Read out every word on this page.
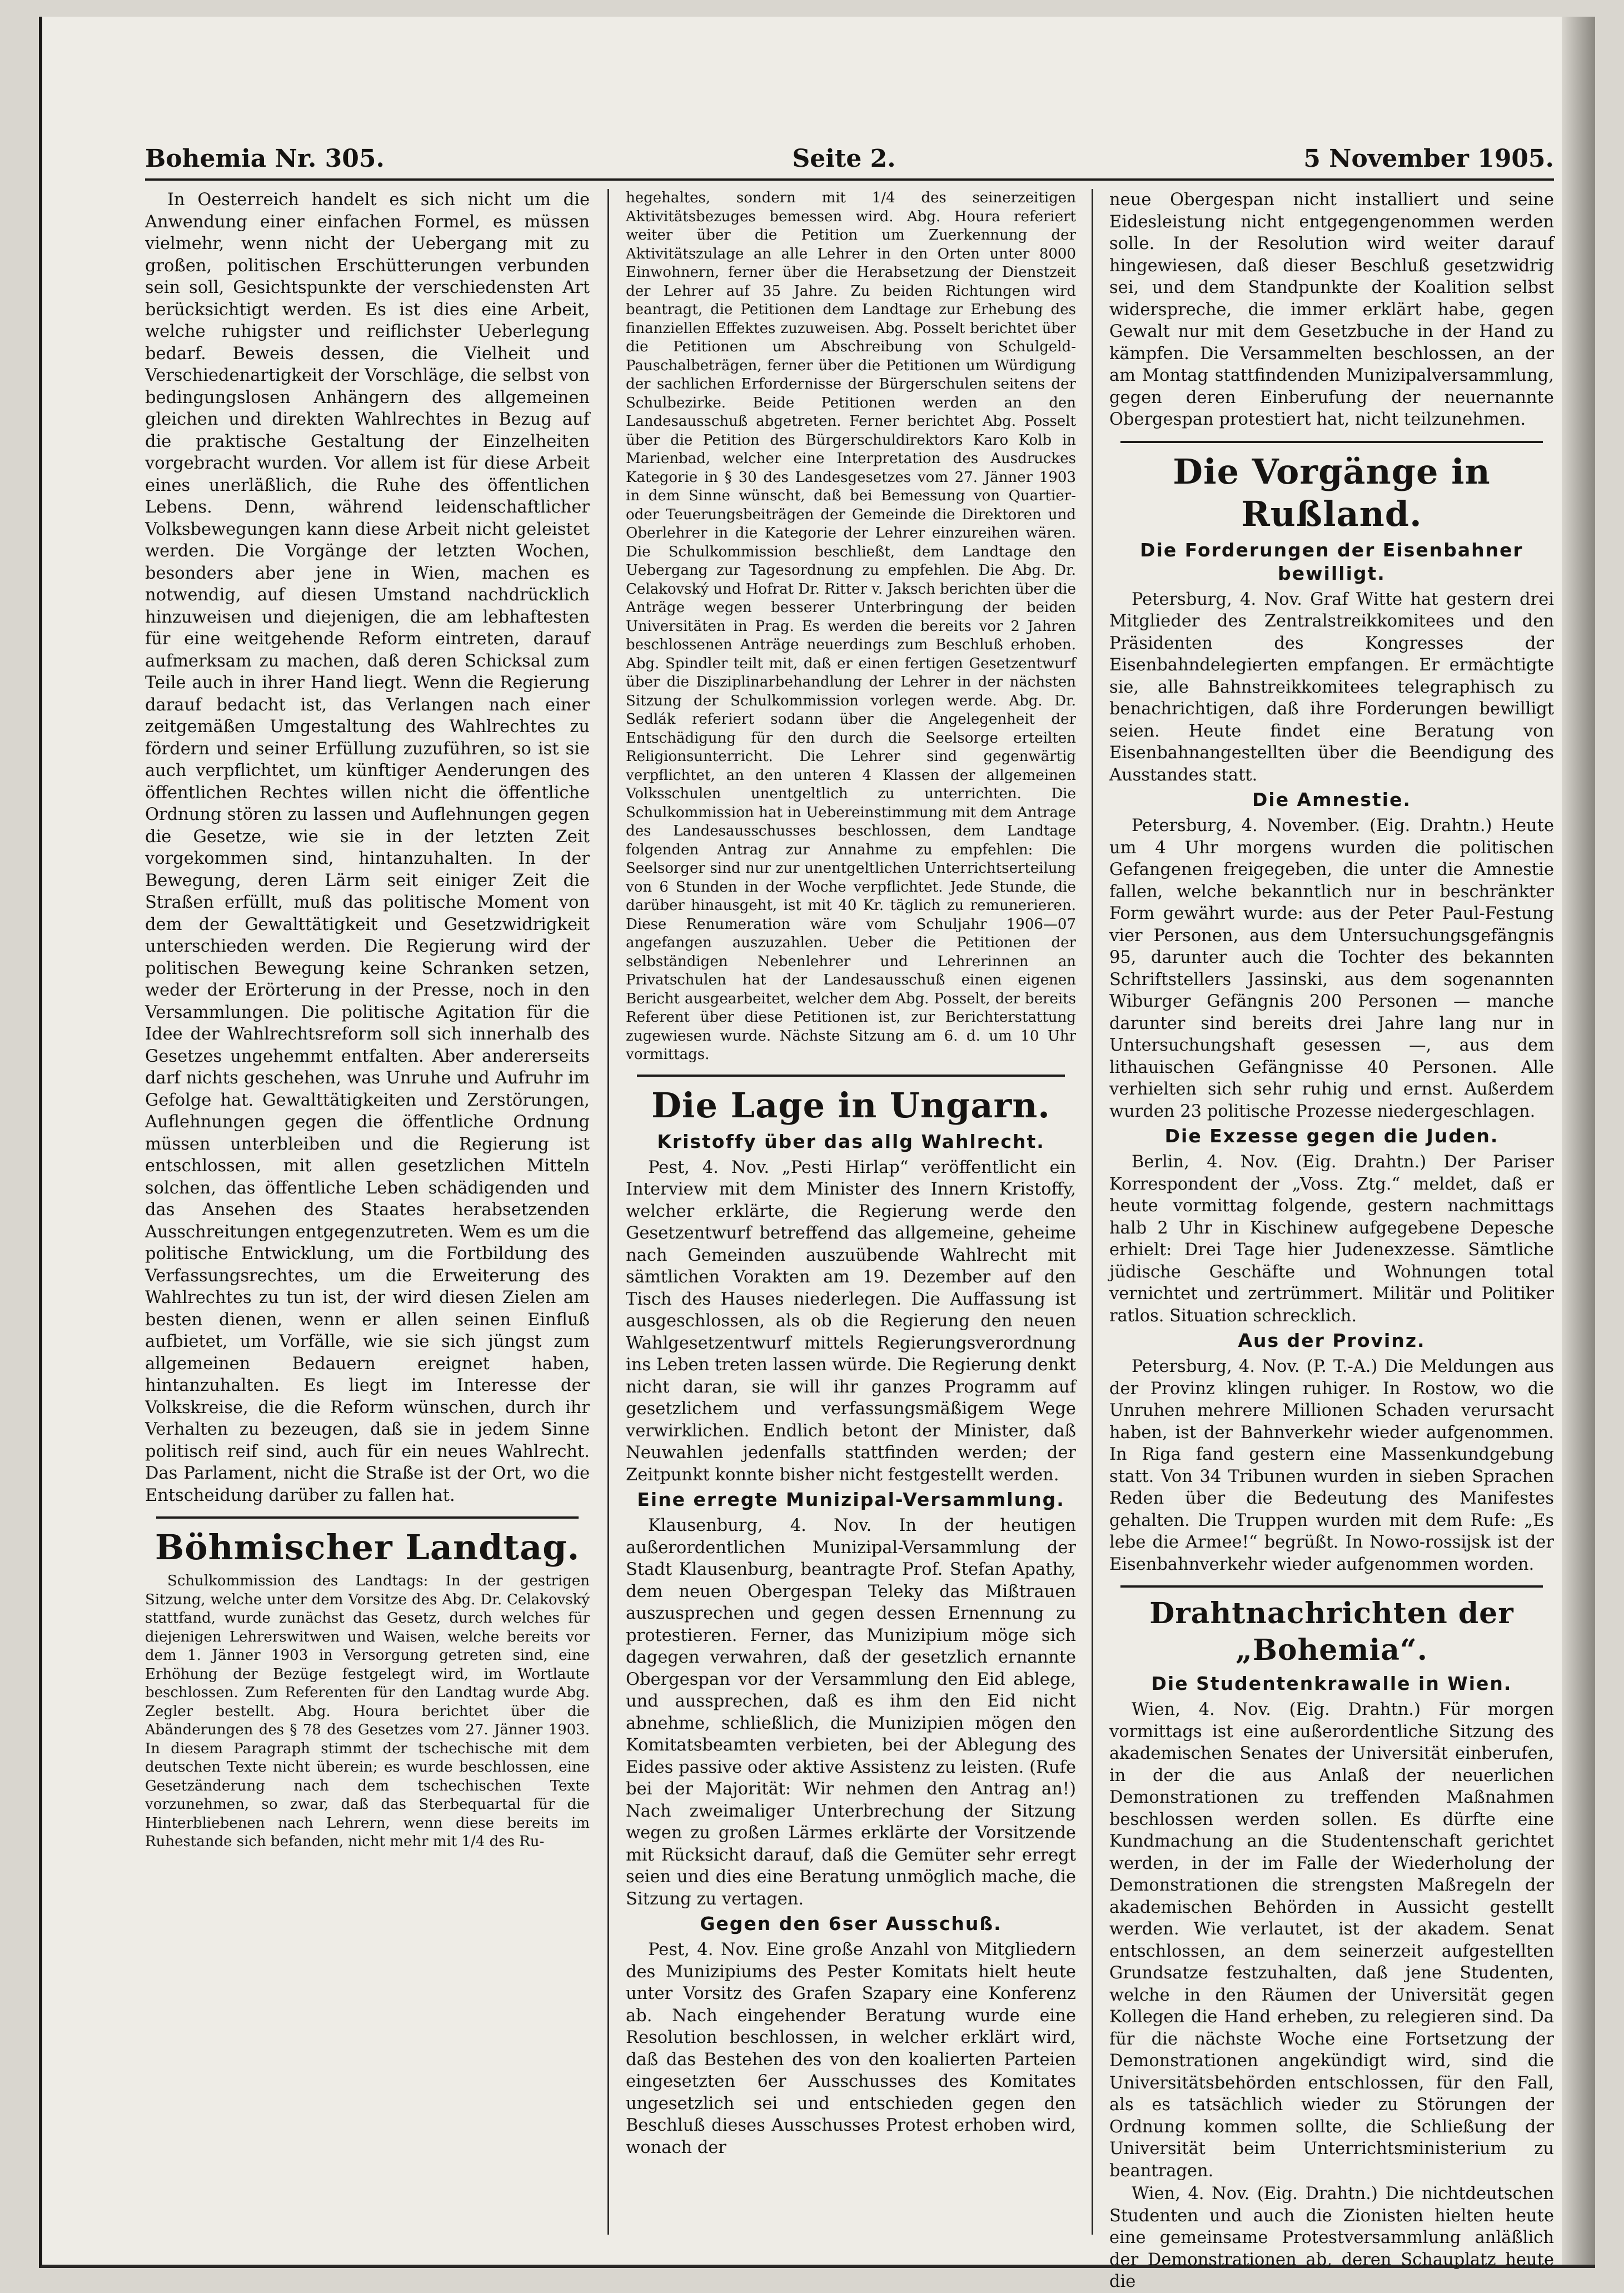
Bohemia Nr. 305.	Seite 2.	5 November 1905.

In Oesterreich handelt es sich nicht um die Anwendung einer einfachen Formel, es müssen vielmehr, wenn nicht der Uebergang mit zu großen, politischen Erschütterungen verbunden sein soll, Gesichtspunkte der verschiedensten Art berücksichtigt werden. Es ist dies eine Arbeit, welche ruhigster und reiflichster Ueberlegung bedarf. Beweis dessen, die Vielheit und Verschiedenartigkeit der Vorschläge, die selbst von bedingungslosen Anhängern des allgemeinen gleichen und direkten Wahlrechtes in Bezug auf die praktische Gestaltung der Einzelheiten vorgebracht wurden. Vor allem ist für diese Arbeit eines unerläßlich, die Ruhe des öffentlichen Lebens. Denn, während leidenschaftlicher Volksbewegungen kann diese Arbeit nicht geleistet werden. Die Vorgänge der letzten Wochen, besonders aber jene in Wien, machen es notwendig, auf diesen Umstand nachdrücklich hinzuweisen und diejenigen, die am lebhaftesten für eine weitgehende Reform eintreten, darauf aufmerksam zu machen, daß deren Schicksal zum Teile auch in ihrer Hand liegt. Wenn die Regierung darauf bedacht ist, das Verlangen nach einer zeitgemäßen Umgestaltung des Wahlrechtes zu fördern und seiner Erfüllung zuzuführen, so ist sie auch verpflichtet, um künftiger Aenderungen des öffentlichen Rechtes willen nicht die öffentliche Ordnung stören zu lassen und Auflehnungen gegen die Gesetze, wie sie in der letzten Zeit vorgekommen sind, hintanzuhalten. In der Bewegung, deren Lärm seit einiger Zeit die Straßen erfüllt, muß das politische Moment von dem der Gewalttätigkeit und Gesetzwidrigkeit unterschieden werden. Die Regierung wird der politischen Bewegung keine Schranken setzen, weder der Erörterung in der Presse, noch in den Versammlungen. Die politische Agitation für die Idee der Wahlrechtsreform soll sich innerhalb des Gesetzes ungehemmt entfalten. Aber andererseits darf nichts geschehen, was Unruhe und Aufruhr im Gefolge hat. Gewalttätigkeiten und Zerstörungen, Auflehnungen gegen die öffentliche Ordnung müssen unterbleiben und die Regierung ist entschlossen, mit allen gesetzlichen Mitteln solchen, das öffentliche Leben schädigenden und das Ansehen des Staates herabsetzenden Ausschreitungen entgegenzutreten. Wem es um die politische Entwicklung, um die Fortbildung des Verfassungsrechtes, um die Erweiterung des Wahlrechtes zu tun ist, der wird diesen Zielen am besten dienen, wenn er allen seinen Einfluß aufbietet, um Vorfälle, wie sie sich jüngst zum allgemeinen Bedauern ereignet haben, hintanzuhalten. Es liegt im Interesse der Volkskreise, die die Reform wünschen, durch ihr Verhalten zu bezeugen, daß sie in jedem Sinne politisch reif sind, auch für ein neues Wahlrecht. Das Parlament, nicht die Straße ist der Ort, wo die Entscheidung darüber zu fallen hat.

Böhmischer Landtag.

Schulkommission des Landtags: In der gestrigen Sitzung, welche unter dem Vorsitze des Abg. Dr. Celakovský stattfand, wurde zunächst das Gesetz, durch welches für diejenigen Lehrerswitwen und Waisen, welche bereits vor dem 1. Jänner 1903 in Versorgung getreten sind, eine Erhöhung der Bezüge festgelegt wird, im Wortlaute beschlossen. Zum Referenten für den Landtag wurde Abg. Zegler bestellt. Abg. Houra berichtet über die Abänderungen des § 78 des Gesetzes vom 27. Jänner 1903. In diesem Paragraph stimmt der tschechische mit dem deutschen Texte nicht überein; es wurde beschlossen, eine Gesetzänderung nach dem tschechischen Texte vorzunehmen, so zwar, daß das Sterbequartal für die Hinterbliebenen nach Lehrern, wenn diese bereits im Ruhestande sich befanden, nicht mehr mit 1/4 des Ru-

hegehaltes, sondern mit 1/4 des seinerzeitigen Aktivitätsbezuges bemessen wird. Abg. Houra referiert weiter über die Petition um Zuerkennung der Aktivitätszulage an alle Lehrer in den Orten unter 8000 Einwohnern, ferner über die Herabsetzung der Dienstzeit der Lehrer auf 35 Jahre. Zu beiden Richtungen wird beantragt, die Petitionen dem Landtage zur Erhebung des finanziellen Effektes zuzuweisen. Abg. Posselt berichtet über die Petitionen um Abschreibung von Schulgeld-Pauschalbeträgen, ferner über die Petitionen um Würdigung der sachlichen Erfordernisse der Bürgerschulen seitens der Schulbezirke. Beide Petitionen werden an den Landesausschuß abgetreten. Ferner berichtet Abg. Posselt über die Petition des Bürgerschuldirektors Karo Kolb in Marienbad, welcher eine Interpretation des Ausdruckes Kategorie in § 30 des Landesgesetzes vom 27. Jänner 1903 in dem Sinne wünscht, daß bei Bemessung von Quartier- oder Teuerungsbeiträgen der Gemeinde die Direktoren und Oberlehrer in die Kategorie der Lehrer einzureihen wären. Die Schulkommission beschließt, dem Landtage den Uebergang zur Tagesordnung zu empfehlen. Die Abg. Dr. Celakovský und Hofrat Dr. Ritter v. Jaksch berichten über die Anträge wegen besserer Unterbringung der beiden Universitäten in Prag. Es werden die bereits vor 2 Jahren beschlossenen Anträge neuerdings zum Beschluß erhoben. Abg. Spindler teilt mit, daß er einen fertigen Gesetzentwurf über die Disziplinarbehandlung der Lehrer in der nächsten Sitzung der Schulkommission vorlegen werde. Abg. Dr. Sedlák referiert sodann über die Angelegenheit der Entschädigung für den durch die Seelsorge erteilten Religionsunterricht. Die Lehrer sind gegenwärtig verpflichtet, an den unteren 4 Klassen der allgemeinen Volksschulen unentgeltlich zu unterrichten. Die Schulkommission hat in Uebereinstimmung mit dem Antrage des Landesausschusses beschlossen, dem Landtage folgenden Antrag zur Annahme zu empfehlen: Die Seelsorger sind nur zur unentgeltlichen Unterrichtserteilung von 6 Stunden in der Woche verpflichtet. Jede Stunde, die darüber hinausgeht, ist mit 40 Kr. täglich zu remunerieren. Diese Renumeration wäre vom Schuljahr 1906—07 angefangen auszuzahlen. Ueber die Petitionen der selbständigen Nebenlehrer und Lehrerinnen an Privatschulen hat der Landesausschuß einen eigenen Bericht ausgearbeitet, welcher dem Abg. Posselt, der bereits Referent über diese Petitionen ist, zur Berichterstattung zugewiesen wurde. Nächste Sitzung am 6. d. um 10 Uhr vormittags.

Die Lage in Ungarn.
Kristoffy über das allg Wahlrecht.

Pest, 4. Nov. „Pesti Hirlap“ veröffentlicht ein Interview mit dem Minister des Innern Kristoffy, welcher erklärte, die Regierung werde den Gesetzentwurf betreffend das allgemeine, geheime nach Gemeinden auszuübende Wahlrecht mit sämtlichen Vorakten am 19. Dezember auf den Tisch des Hauses niederlegen. Die Auffassung ist ausgeschlossen, als ob die Regierung den neuen Wahlgesetzentwurf mittels Regierungsverordnung ins Leben treten lassen würde. Die Regierung denkt nicht daran, sie will ihr ganzes Programm auf gesetzlichem und verfassungsmäßigem Wege verwirklichen. Endlich betont der Minister, daß Neuwahlen jedenfalls stattfinden werden; der Zeitpunkt konnte bisher nicht festgestellt werden.

Eine erregte Munizipal-Versammlung.

Klausenburg, 4. Nov. In der heutigen außerordentlichen Munizipal-Versammlung der Stadt Klausenburg, beantragte Prof. Stefan Apathy, dem neuen Obergespan Teleky das Mißtrauen auszusprechen und gegen dessen Ernennung zu protestieren. Ferner, das Munizipium möge sich dagegen verwahren, daß der gesetzlich ernannte Obergespan vor der Versammlung den Eid ablege, und aussprechen, daß es ihm den Eid nicht abnehme, schließlich, die Munizipien mögen den Komitatsbeamten verbieten, bei der Ablegung des Eides passive oder aktive Assistenz zu leisten. (Rufe bei der Majorität: Wir nehmen den Antrag an!) Nach zweimaliger Unterbrechung der Sitzung wegen zu großen Lärmes erklärte der Vorsitzende mit Rücksicht darauf, daß die Gemüter sehr erregt seien und dies eine Beratung unmöglich mache, die Sitzung zu vertagen.

Gegen den 6ser Ausschuß.

Pest, 4. Nov. Eine große Anzahl von Mitgliedern des Munizipiums des Pester Komitats hielt heute unter Vorsitz des Grafen Szapary eine Konferenz ab. Nach eingehender Beratung wurde eine Resolution beschlossen, in welcher erklärt wird, daß das Bestehen des von den koalierten Parteien eingesetzten 6er Ausschusses des Komitates ungesetzlich sei und entschieden gegen den Beschluß dieses Ausschusses Protest erhoben wird, wonach der

neue Obergespan nicht installiert und seine Eidesleistung nicht entgegengenommen werden solle. In der Resolution wird weiter darauf hingewiesen, daß dieser Beschluß gesetzwidrig sei, und dem Standpunkte der Koalition selbst widerspreche, die immer erklärt habe, gegen Gewalt nur mit dem Gesetzbuche in der Hand zu kämpfen. Die Versammelten beschlossen, an der am Montag stattfindenden Munizipalversammlung, gegen deren Einberufung der neuernannte Obergespan protestiert hat, nicht teilzunehmen.

Die Vorgänge in Rußland.
Die Forderungen der Eisenbahner bewilligt.

Petersburg, 4. Nov. Graf Witte hat gestern drei Mitglieder des Zentralstreikkomitees und den Präsidenten des Kongresses der Eisenbahndelegierten empfangen. Er ermächtigte sie, alle Bahnstreikkomitees telegraphisch zu benachrichtigen, daß ihre Forderungen bewilligt seien. Heute findet eine Beratung von Eisenbahnangestellten über die Beendigung des Ausstandes statt.

Die Amnestie.

Petersburg, 4. November. (Eig. Drahtn.) Heute um 4 Uhr morgens wurden die politischen Gefangenen freigegeben, die unter die Amnestie fallen, welche bekanntlich nur in beschränkter Form gewährt wurde: aus der Peter Paul-Festung vier Personen, aus dem Untersuchungsgefängnis 95, darunter auch die Tochter des bekannten Schriftstellers Jassinski, aus dem sogenannten Wiburger Gefängnis 200 Personen — manche darunter sind bereits drei Jahre lang nur in Untersuchungshaft gesessen —, aus dem lithauischen Gefängnisse 40 Personen. Alle verhielten sich sehr ruhig und ernst. Außerdem wurden 23 politische Prozesse niedergeschlagen.

Die Exzesse gegen die Juden.

Berlin, 4. Nov. (Eig. Drahtn.) Der Pariser Korrespondent der „Voss. Ztg.“ meldet, daß er heute vormittag folgende, gestern nachmittags halb 2 Uhr in Kischinew aufgegebene Depesche erhielt: Drei Tage hier Judenexzesse. Sämtliche jüdische Geschäfte und Wohnungen total vernichtet und zertrümmert. Militär und Politiker ratlos. Situation schrecklich.

Aus der Provinz.

Petersburg, 4. Nov. (P. T.-A.) Die Meldungen aus der Provinz klingen ruhiger. In Rostow, wo die Unruhen mehrere Millionen Schaden verursacht haben, ist der Bahnverkehr wieder aufgenommen. In Riga fand gestern eine Massenkundgebung statt. Von 34 Tribunen wurden in sieben Sprachen Reden über die Bedeutung des Manifestes gehalten. Die Truppen wurden mit dem Rufe: „Es lebe die Armee!“ begrüßt. In Nowo-rossijsk ist der Eisenbahnverkehr wieder aufgenommen worden.

Drahtnachrichten der „Bohemia“.
Die Studentenkrawalle in Wien.

Wien, 4. Nov. (Eig. Drahtn.) Für morgen vormittags ist eine außerordentliche Sitzung des akademischen Senates der Universität einberufen, in der die aus Anlaß der neuerlichen Demonstrationen zu treffenden Maßnahmen beschlossen werden sollen. Es dürfte eine Kundmachung an die Studentenschaft gerichtet werden, in der im Falle der Wiederholung der Demonstrationen die strengsten Maßregeln der akademischen Behörden in Aussicht gestellt werden. Wie verlautet, ist der akadem. Senat entschlossen, an dem seinerzeit aufgestellten Grundsatze festzuhalten, daß jene Studenten, welche in den Räumen der Universität gegen Kollegen die Hand erheben, zu relegieren sind. Da für die nächste Woche eine Fortsetzung der Demonstrationen angekündigt wird, sind die Universitätsbehörden entschlossen, für den Fall, als es tatsächlich wieder zu Störungen der Ordnung kommen sollte, die Schließung der Universität beim Unterrichtsministerium zu beantragen.

Wien, 4. Nov. (Eig. Drahtn.) Die nichtdeutschen Studenten und auch die Zionisten hielten heute eine gemeinsame Protestversammlung anläßlich der Demonstrationen ab, deren Schauplatz heute die
